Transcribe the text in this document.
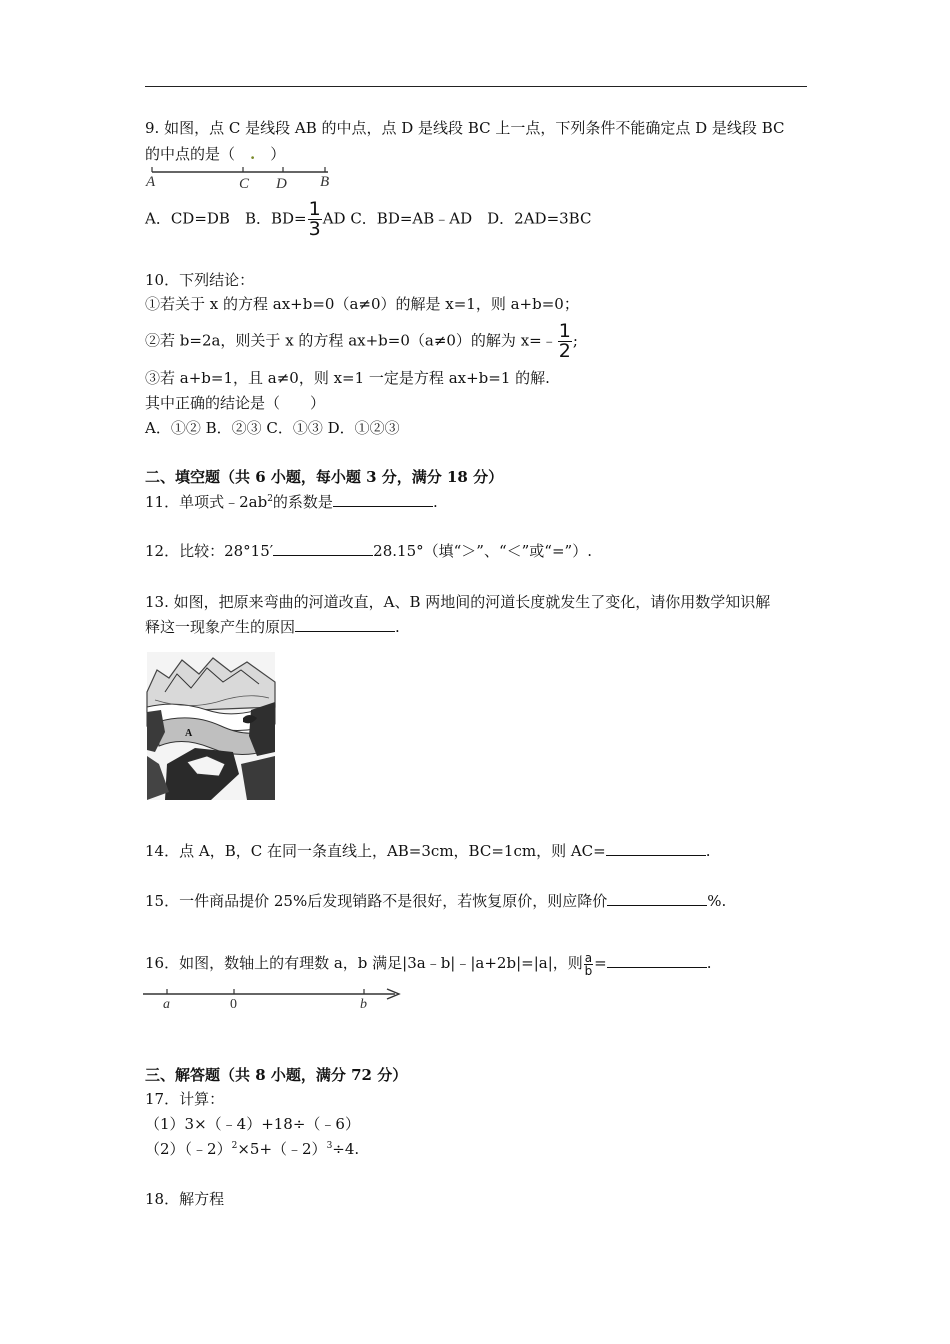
9. 如图，点 C 是线段 AB 的中点，点 D 是线段 BC 上一点，下列条件不能确定点 D 是线段 BC
的中点的是（　.　）
A	C D B
A．CD=DB　B．$BD= \frac{1}{3}$ AD C．BD=AB﹣AD　D．2AD=3BC
10．下列结论：
①若关于 x 的方程 ax+b=0（a≠0）的解是 x=1，则 a+b=0；
②若 b=2a，则关于 x 的方程 ax+b=0（a≠0）的解为 x=﹣ $\frac{1}{2}$ ;
③若 a+b=1，且 a≠0，则 x=1 一定是方程 ax+b=1 的解.
其中正确的结论是（　　）
A．①② B．②③ C．①③ D．①②③
二、填空题（共 6 小题，每小题 3 分，满分 18 分）
11．单项式$﹣2ab^2$的系数是	.
12．比较：28°15′	28.15°（填“＞”、“＜”或“=”）.
13. 如图，把原来弯曲的河道改直，A、B 两地间的河道长度就发生了变化，请你用数学知识解
释这一现象产生的原因	.
A
14．点 A，B，C 在同一条直线上，AB=3cm，BC=1cm，则 AC=	.
15．一件商品提价 25%后发现销路不是很好，若恢复原价，则应降价	%.
16．如图，数轴上的有理数 a，b 满足|3a﹣b|﹣|a+2b|=|a|，则 $\frac{a}{b}$ =	.
a	0	b
三、解答题（共 8 小题，满分 72 分）
17．计算：
（1）3×（﹣4）+18÷（﹣6）
（2）（﹣2）$^2$×5+（﹣2）$^3$÷4.
18．解方程
